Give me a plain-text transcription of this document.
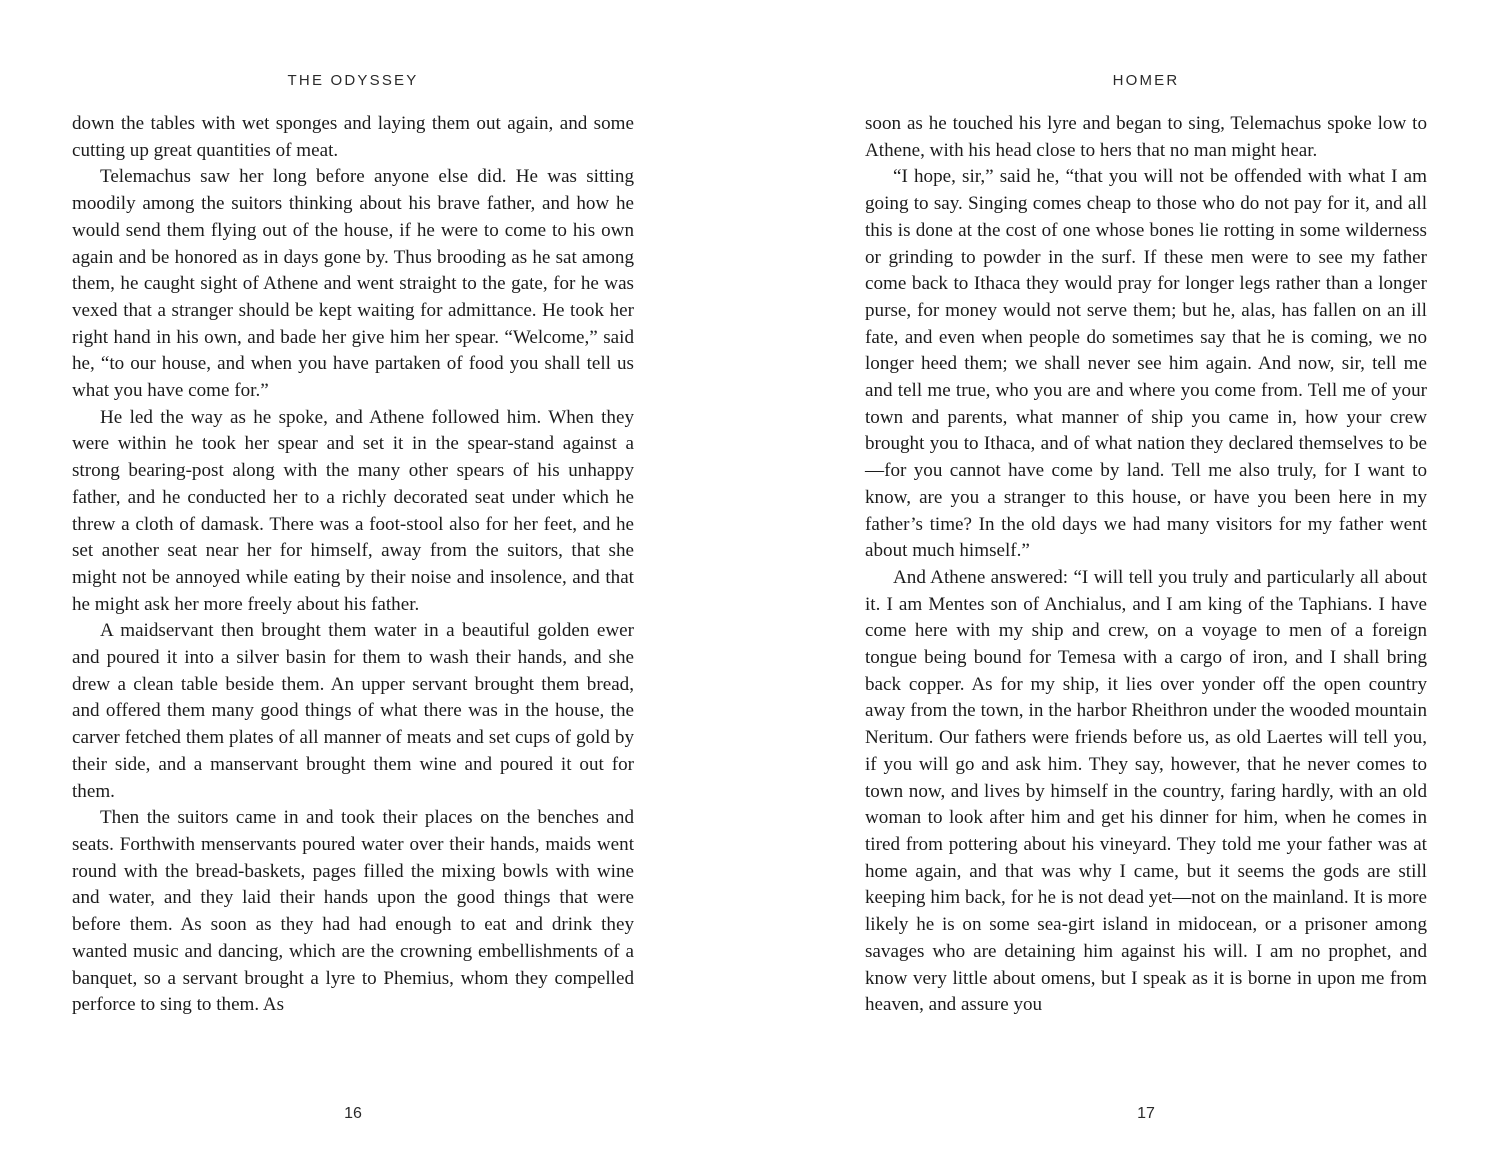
THE ODYSSEY

down the tables with wet sponges and laying them out again, and some cutting up great quantities of meat.

Telemachus saw her long before anyone else did. He was sitting moodily among the suitors thinking about his brave father, and how he would send them flying out of the house, if he were to come to his own again and be honored as in days gone by. Thus brooding as he sat among them, he caught sight of Athene and went straight to the gate, for he was vexed that a stranger should be kept waiting for admittance. He took her right hand in his own, and bade her give him her spear. “Welcome,” said he, “to our house, and when you have partaken of food you shall tell us what you have come for.”

He led the way as he spoke, and Athene followed him. When they were within he took her spear and set it in the spear-stand against a strong bearing-post along with the many other spears of his unhappy father, and he conducted her to a richly decorated seat under which he threw a cloth of damask. There was a foot-stool also for her feet, and he set another seat near her for himself, away from the suitors, that she might not be annoyed while eating by their noise and insolence, and that he might ask her more freely about his father.

A maidservant then brought them water in a beautiful golden ewer and poured it into a silver basin for them to wash their hands, and she drew a clean table beside them. An upper servant brought them bread, and offered them many good things of what there was in the house, the carver fetched them plates of all manner of meats and set cups of gold by their side, and a manservant brought them wine and poured it out for them.

Then the suitors came in and took their places on the benches and seats. Forthwith menservants poured water over their hands, maids went round with the bread-baskets, pages filled the mixing bowls with wine and water, and they laid their hands upon the good things that were before them. As soon as they had had enough to eat and drink they wanted music and dancing, which are the crowning embellishments of a banquet, so a servant brought a lyre to Phemius, whom they compelled perforce to sing to them. As

16
HOMER

soon as he touched his lyre and began to sing, Telemachus spoke low to Athene, with his head close to hers that no man might hear.

“I hope, sir,” said he, “that you will not be offended with what I am going to say. Singing comes cheap to those who do not pay for it, and all this is done at the cost of one whose bones lie rotting in some wilderness or grinding to powder in the surf. If these men were to see my father come back to Ithaca they would pray for longer legs rather than a longer purse, for money would not serve them; but he, alas, has fallen on an ill fate, and even when people do sometimes say that he is coming, we no longer heed them; we shall never see him again. And now, sir, tell me and tell me true, who you are and where you come from. Tell me of your town and parents, what manner of ship you came in, how your crew brought you to Ithaca, and of what nation they declared themselves to be—for you cannot have come by land. Tell me also truly, for I want to know, are you a stranger to this house, or have you been here in my father’s time? In the old days we had many visitors for my father went about much himself.”

And Athene answered: “I will tell you truly and particularly all about it. I am Mentes son of Anchialus, and I am king of the Taphians. I have come here with my ship and crew, on a voyage to men of a foreign tongue being bound for Temesa with a cargo of iron, and I shall bring back copper. As for my ship, it lies over yonder off the open country away from the town, in the harbor Rheithron under the wooded mountain Neritum. Our fathers were friends before us, as old Laertes will tell you, if you will go and ask him. They say, however, that he never comes to town now, and lives by himself in the country, faring hardly, with an old woman to look after him and get his dinner for him, when he comes in tired from pottering about his vineyard. They told me your father was at home again, and that was why I came, but it seems the gods are still keeping him back, for he is not dead yet—not on the mainland. It is more likely he is on some sea-girt island in midocean, or a prisoner among savages who are detaining him against his will. I am no prophet, and know very little about omens, but I speak as it is borne in upon me from heaven, and assure you

17
